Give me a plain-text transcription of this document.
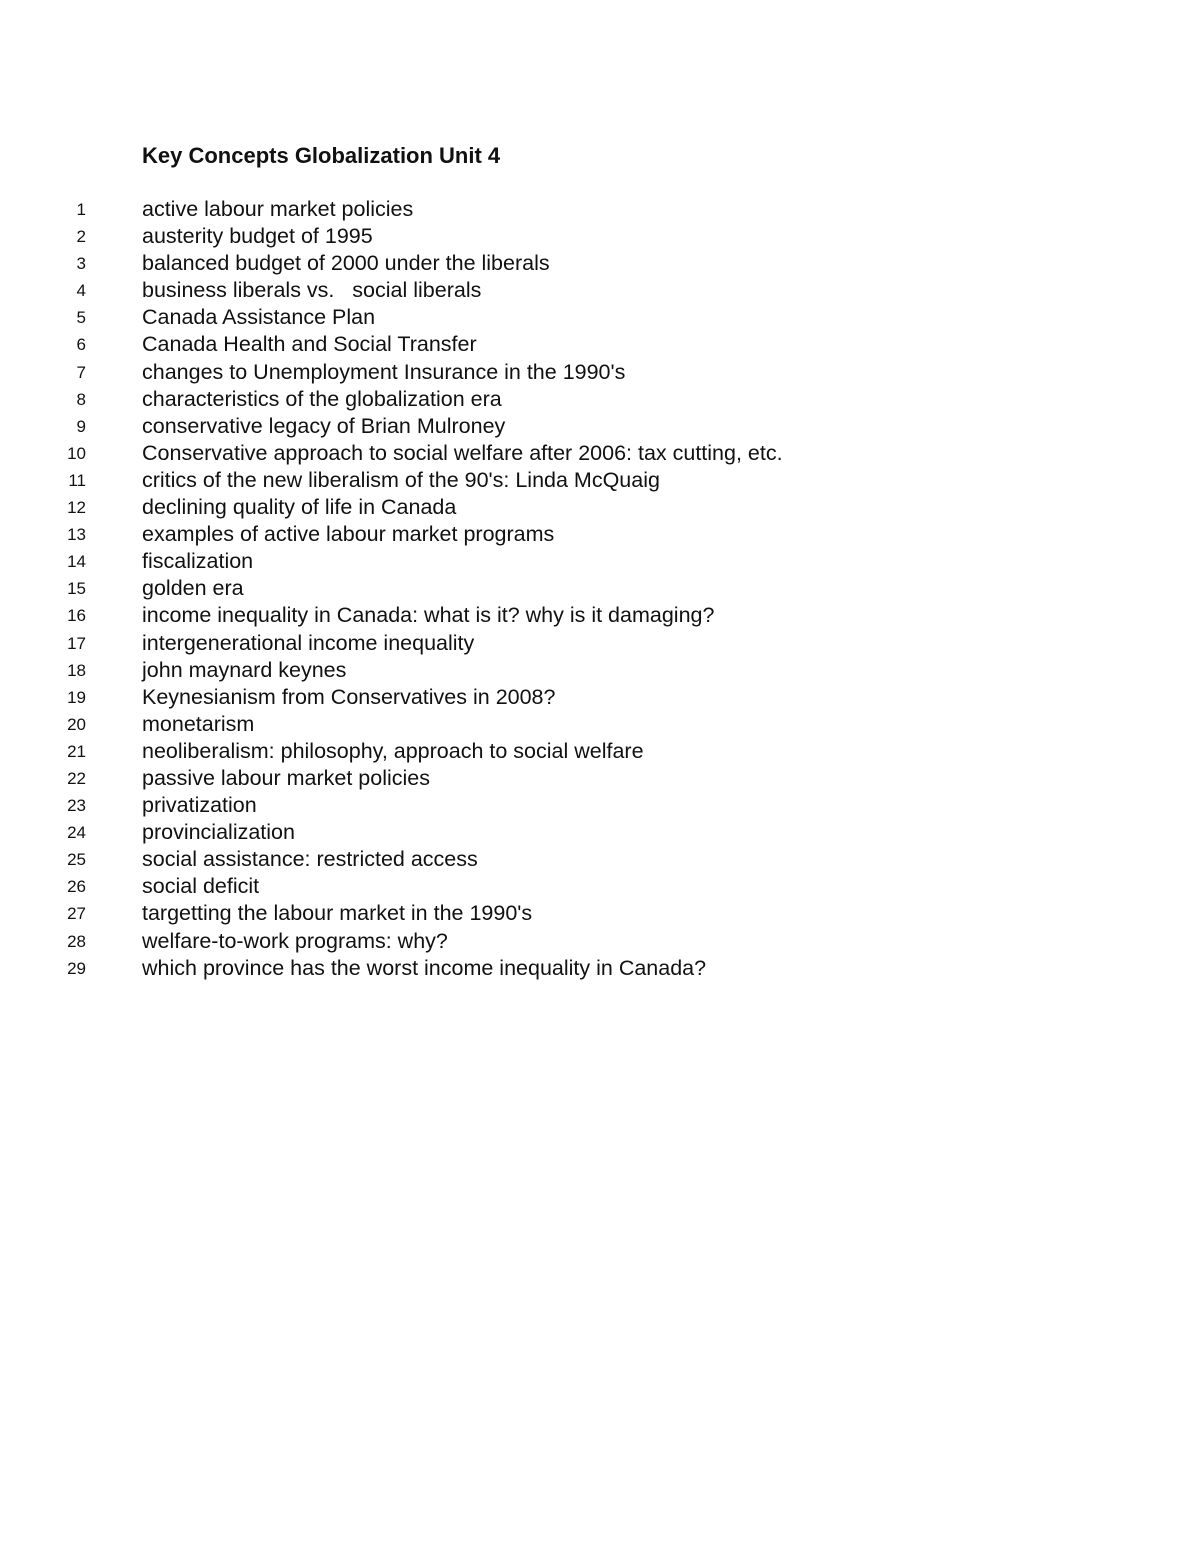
Key Concepts Globalization Unit 4
1	active labour market policies
2	austerity budget of 1995
3	balanced budget of 2000 under the liberals
4	business liberals vs.   social liberals
5	Canada Assistance Plan
6	Canada Health and Social Transfer
7	changes to Unemployment Insurance in the 1990's
8	characteristics of the globalization era
9	conservative legacy of Brian Mulroney
10	Conservative approach to social welfare after 2006: tax cutting, etc.
11	critics of the new liberalism of the 90's: Linda McQuaig
12	declining quality of life in Canada
13	examples of active labour market programs
14	fiscalization
15	golden era
16	income inequality in Canada: what is it? why is it damaging?
17	intergenerational income inequality
18	john maynard keynes
19	Keynesianism from Conservatives in 2008?
20	monetarism
21	neoliberalism: philosophy, approach to social welfare
22	passive labour market policies
23	privatization
24	provincialization
25	social assistance: restricted access
26	social deficit
27	targetting the labour market in the 1990's
28	welfare-to-work programs: why?
29	which province has the worst income inequality in Canada?
